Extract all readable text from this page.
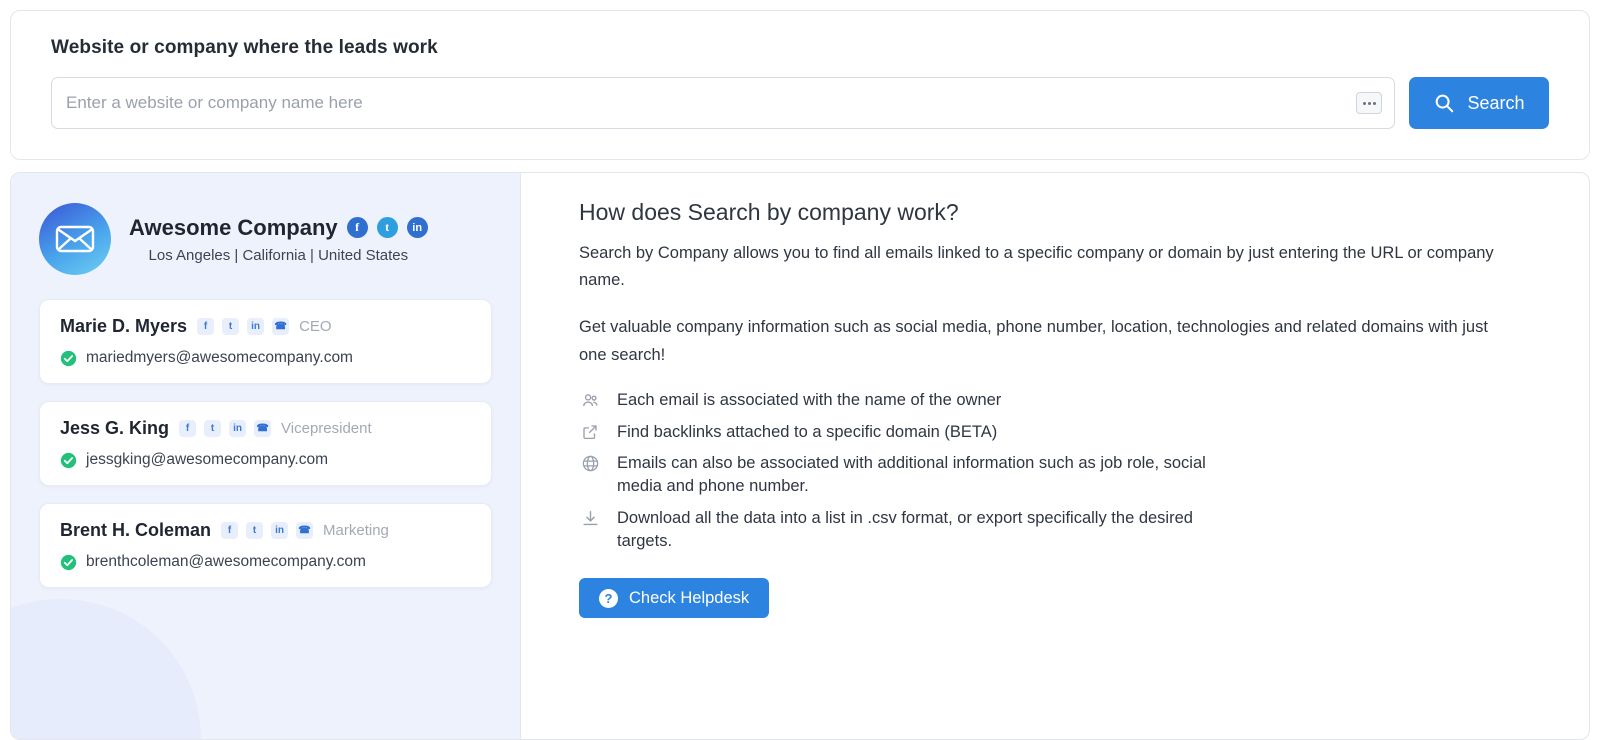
Website or company where the leads work
Enter a website or company name here
Search
Awesome Company	f	t	in
Los Angeles | California | United States
Marie D. Myers	f	t	in	☎ CEO
mariedmyers@awesomecompany.com
Jess G. King	f	t	in	☎ Vicepresident
jessgking@awesomecompany.com
Brent H. Coleman	f	t	in	☎ Marketing
brenthcoleman@awesomecompany.com
How does Search by company work?

Search by Company allows you to find all emails linked to a specific company or domain by just entering the URL or company name.

Get valuable company information such as social media, phone number, location, technologies and related domains with just one search!

Each email is associated with the name of the owner
Find backlinks attached to a specific domain (BETA)
Emails can also be associated with additional information such as job role, social media and phone number.
Download all the data into a list in .csv format, or export specifically the desired targets.
?	Check Helpdesk
